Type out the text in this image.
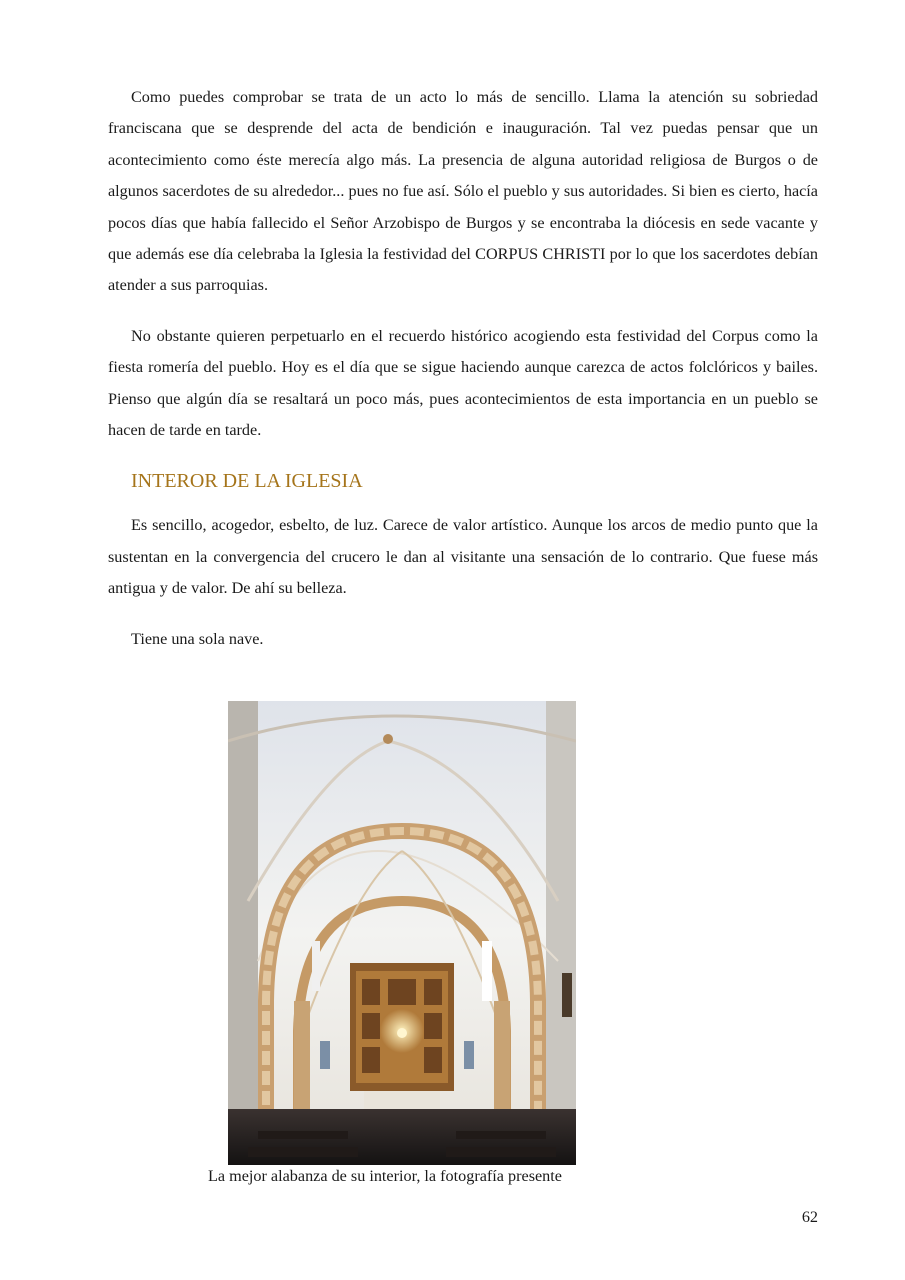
Como puedes comprobar se trata de un acto lo más de sencillo. Llama la atención su sobriedad franciscana que se desprende del acta de bendición e inauguración. Tal vez puedas pensar que un acontecimiento como éste merecía algo más. La presencia de alguna autoridad religiosa de Burgos o de algunos sacerdotes de su alrededor... pues no fue así. Sólo el pueblo y sus autoridades. Si bien es cierto, hacía pocos días que había fallecido el Señor Arzobispo de Burgos y se encontraba la diócesis en sede vacante y que además ese día celebraba la Iglesia la festividad del CORPUS CHRISTI por lo que los sacerdotes debían atender a sus parroquias.

No obstante quieren perpetuarlo en el recuerdo histórico acogiendo esta festividad del Corpus como la fiesta romería del pueblo. Hoy es el día que se sigue haciendo aunque carezca de actos folclóricos y bailes. Pienso que algún día se resaltará un poco más, pues acontecimientos de esta importancia en un pueblo se hacen de tarde en tarde.

INTEROR DE LA IGLESIA

Es sencillo, acogedor, esbelto, de luz. Carece de valor artístico. Aunque los arcos de medio punto que la sustentan en la convergencia del crucero le dan al visitante una sensación de lo contrario. Que fuese más antigua y de valor. De ahí su belleza.

Tiene una sola nave.

La mejor alabanza de su interior, la fotografía presente

62
